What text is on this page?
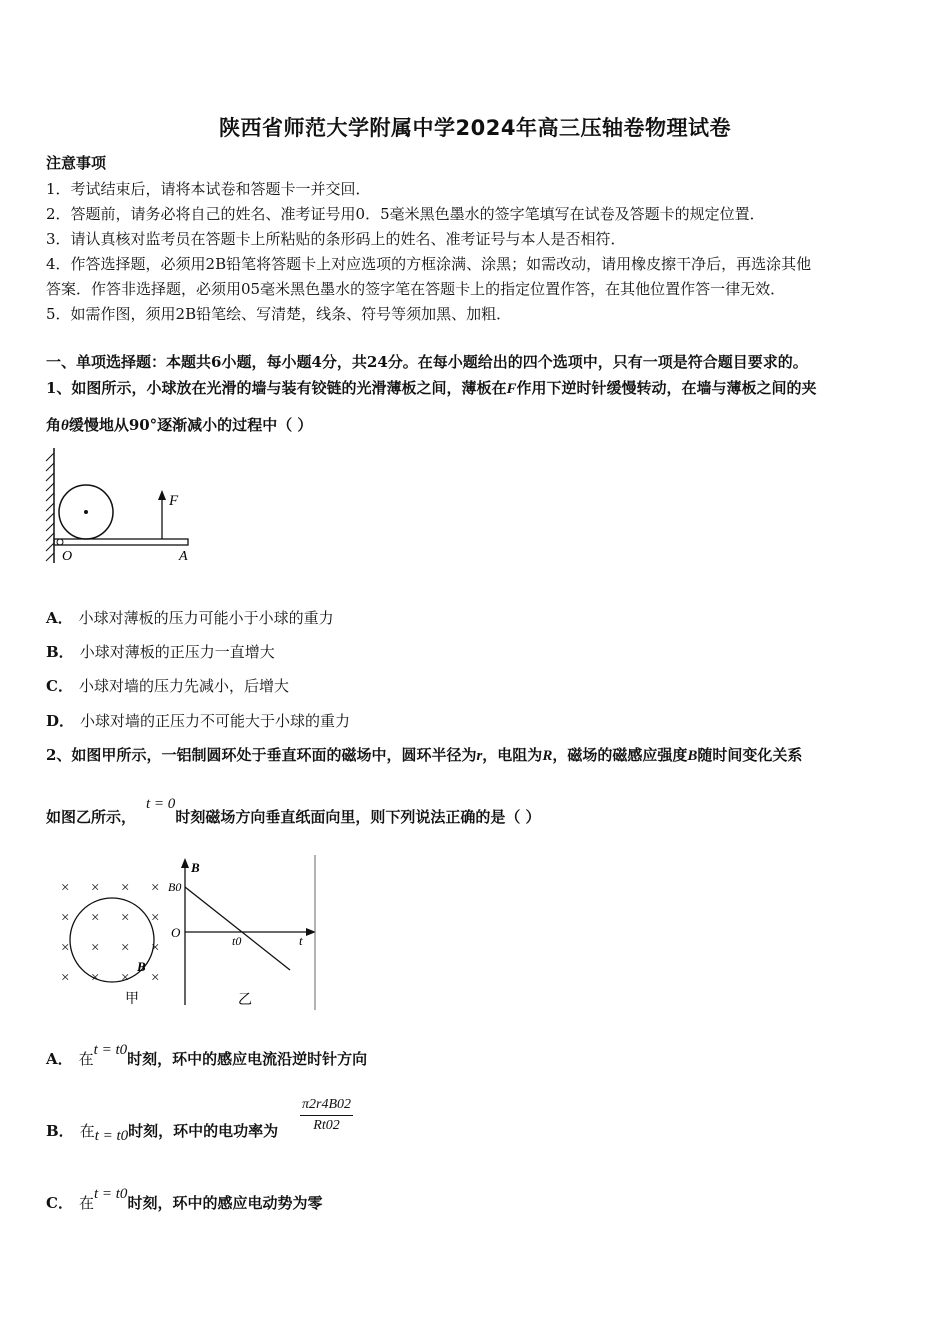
陕西省师范大学附属中学2024年高三压轴卷物理试卷
注意事项
1．考试结束后，请将本试卷和答题卡一并交回．
2．答题前，请务必将自己的姓名、准考证号用0．5毫米黑色墨水的签字笔填写在试卷及答题卡的规定位置．
3．请认真核对监考员在答题卡上所粘贴的条形码上的姓名、准考证号与本人是否相符．
4．作答选择题，必须用2B铅笔将答题卡上对应选项的方框涂满、涂黑；如需改动，请用橡皮擦干净后，再选涂其他
答案．作答非选择题，必须用05毫米黑色墨水的签字笔在答题卡上的指定位置作答，在其他位置作答一律无效．
5．如需作图，须用2B铅笔绘、写清楚，线条、符号等须加黑、加粗．
一、单项选择题：本题共6小题，每小题4分，共24分。在每小题给出的四个选项中，只有一项是符合题目要求的。
1、如图所示，小球放在光滑的墙与装有铰链的光滑薄板之间，薄板在F作用下逆时针缓慢转动，在墙与薄板之间的夹
角θ缓慢地从90°逐渐减小的过程中（ ）
F
O	A
A． 小球对薄板的压力可能小于小球的重力
B． 小球对薄板的正压力一直增大
C． 小球对墙的压力先减小，后增大
D． 小球对墙的正压力不可能大于小球的重力
2、如图甲所示，一铝制圆环处于垂直环面的磁场中，圆环半径为r，电阻为R，磁场的磁感应强度B随时间变化关系
如图乙所示，t = 0时刻磁场方向垂直纸面向里，则下列说法正确的是（ ）
× × × ×
× × × ×
× × × ×
× × × ×
B
甲
B
B0
O
t0	t
乙
A． 在t = t0时刻，环中的感应电流沿逆时针方向
B． 在t = t0时刻，环中的电功率为 $\frac{\pi 2r4B02}{Rt02}$
C． 在t = t0时刻，环中的感应电动势为零
